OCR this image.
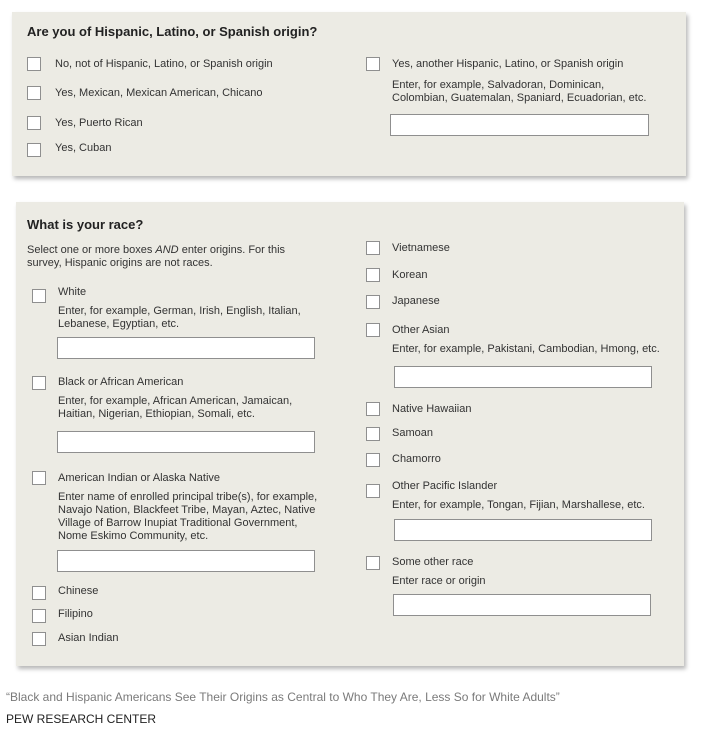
Are you of Hispanic, Latino, or Spanish origin?
No, not of Hispanic, Latino, or Spanish origin
Yes, Mexican, Mexican American, Chicano
Yes, Puerto Rican
Yes, Cuban
Yes, another Hispanic, Latino, or Spanish origin
Enter, for example, Salvadoran, Dominican, Colombian, Guatemalan, Spaniard, Ecuadorian, etc.
What is your race?
Select one or more boxes AND enter origins. For this survey, Hispanic origins are not races.
White
Enter, for example, German, Irish, English, Italian, Lebanese, Egyptian, etc.
Black or African American
Enter, for example, African American, Jamaican, Haitian, Nigerian, Ethiopian, Somali, etc.
American Indian or Alaska Native
Enter name of enrolled principal tribe(s), for example, Navajo Nation, Blackfeet Tribe, Mayan, Aztec, Native Village of Barrow Inupiat Traditional Government, Nome Eskimo Community, etc.
Chinese
Filipino
Asian Indian
Vietnamese
Korean
Japanese
Other Asian
Enter, for example, Pakistani, Cambodian, Hmong, etc.
Native Hawaiian
Samoan
Chamorro
Other Pacific Islander
Enter, for example, Tongan, Fijian, Marshallese, etc.
Some other race
Enter race or origin
“Black and Hispanic Americans See Their Origins as Central to Who They Are, Less So for White Adults”
PEW RESEARCH CENTER
